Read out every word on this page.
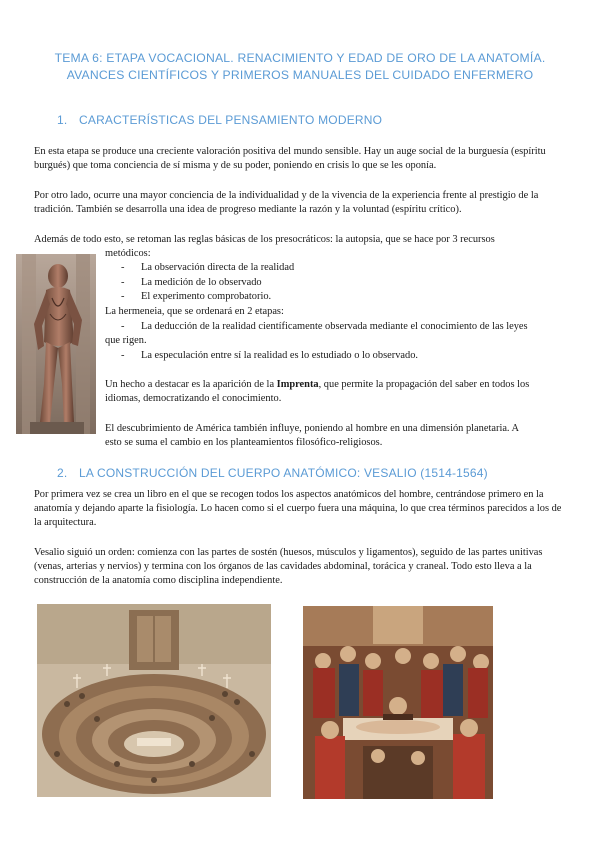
TEMA 6: ETAPA VOCACIONAL. RENACIMIENTO Y EDAD DE ORO DE LA ANATOMÍA. AVANCES CIENTÍFICOS Y PRIMEROS MANUALES DEL CUIDADO ENFERMERO
1. CARACTERÍSTICAS DEL PENSAMIENTO MODERNO
En esta etapa se produce una creciente valoración positiva del mundo sensible. Hay un auge social de la burguesía (espíritu burgués) que toma conciencia de sí misma y de su poder, poniendo en crisis lo que se les oponía.
Por otro lado, ocurre una mayor conciencia de la individualidad y de la vivencia de la experiencia frente al prestigio de la tradición. También se desarrolla una idea de progreso mediante la razón y la voluntad (espíritu crítico).
Además de todo esto, se retoman las reglas básicas de los presocráticos: la autopsia, que se hace por 3 recursos
metódicos:
- La observación directa de la realidad
- La medición de lo observado
- El experimento comprobatorio.
La hermeneia, que se ordenará en 2 etapas:
- La deducción de la realidad científicamente observada mediante el conocimiento de las leyes
que rigen.
- La especulación entre sí la realidad es lo estudiado o lo observado.
Un hecho a destacar es la aparición de la Imprenta, que permite la propagación del saber en todos los
idiomas, democratizando el conocimiento.
El descubrimiento de América también influye, poniendo al hombre en una dimensión planetaria. A
esto se suma el cambio en los planteamientos filosófico-religiosos.
2. LA CONSTRUCCIÓN DEL CUERPO ANATÓMICO: VESALIO (1514-1564)
Por primera vez se crea un libro en el que se recogen todos los aspectos anatómicos del hombre, centrándose primero en la anatomía y dejando aparte la fisiología. Lo hacen como si el cuerpo fuera una máquina, lo que crea términos parecidos a los de la arquitectura.
Vesalio siguió un orden: comienza con las partes de sostén (huesos, músculos y ligamentos), seguido de las partes unitivas (venas, arterias y nervios) y termina con los órganos de las cavidades abdominal, torácica y craneal. Todo esto lleva a la construcción de la anatomía como disciplina independiente.
